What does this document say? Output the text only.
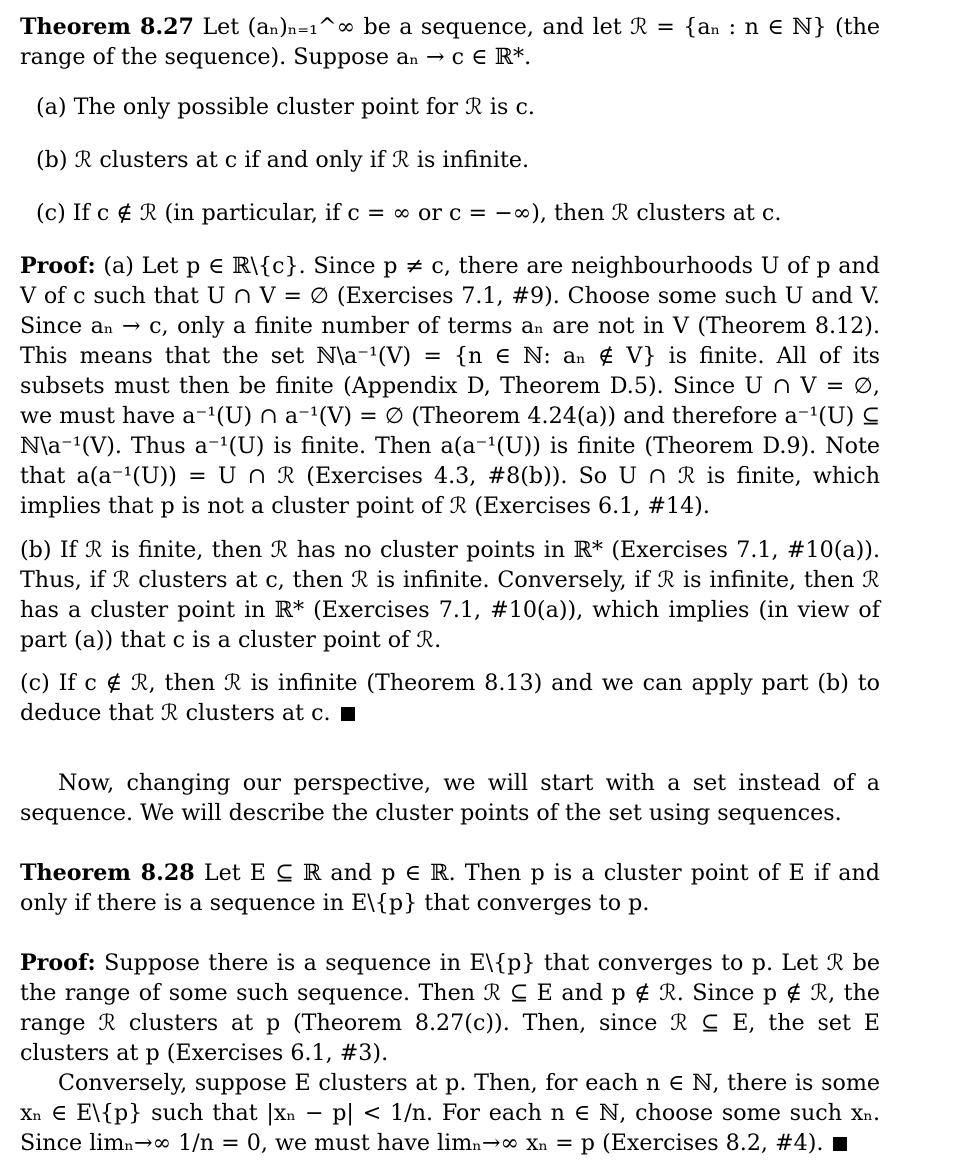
Theorem 8.27 Let (aₙ)ₙ₌₁^∞ be a sequence, and let ℛ = {aₙ : n ∈ ℕ} (the range of the sequence). Suppose aₙ → c ∈ ℝ*.

(a) The only possible cluster point for ℛ is c.

(b) ℛ clusters at c if and only if ℛ is infinite.

(c) If c ∉ ℛ (in particular, if c = ∞ or c = −∞), then ℛ clusters at c.

Proof: (a) Let p ∈ ℝ\{c}. Since p ≠ c, there are neighbourhoods U of p and V of c such that U ∩ V = ∅ (Exercises 7.1, #9). Choose some such U and V. Since aₙ → c, only a finite number of terms aₙ are not in V (Theorem 8.12). This means that the set ℕ\a⁻¹(V) = {n ∈ ℕ: aₙ ∉ V} is finite. All of its subsets must then be finite (Appendix D, Theorem D.5). Since U ∩ V = ∅, we must have a⁻¹(U) ∩ a⁻¹(V) = ∅ (Theorem 4.24(a)) and therefore a⁻¹(U) ⊆ ℕ\a⁻¹(V). Thus a⁻¹(U) is finite. Then a(a⁻¹(U)) is finite (Theorem D.9). Note that a(a⁻¹(U)) = U ∩ ℛ (Exercises 4.3, #8(b)). So U ∩ ℛ is finite, which implies that p is not a cluster point of ℛ (Exercises 6.1, #14).

(b) If ℛ is finite, then ℛ has no cluster points in ℝ* (Exercises 7.1, #10(a)). Thus, if ℛ clusters at c, then ℛ is infinite. Conversely, if ℛ is infinite, then ℛ has a cluster point in ℝ* (Exercises 7.1, #10(a)), which implies (in view of part (a)) that c is a cluster point of ℛ.

(c) If c ∉ ℛ, then ℛ is infinite (Theorem 8.13) and we can apply part (b) to deduce that ℛ clusters at c.

Now, changing our perspective, we will start with a set instead of a sequence. We will describe the cluster points of the set using sequences.

Theorem 8.28 Let E ⊆ ℝ and p ∈ ℝ. Then p is a cluster point of E if and only if there is a sequence in E\{p} that converges to p.

Proof: Suppose there is a sequence in E\{p} that converges to p. Let ℛ be the range of some such sequence. Then ℛ ⊆ E and p ∉ ℛ. Since p ∉ ℛ, the range ℛ clusters at p (Theorem 8.27(c)). Then, since ℛ ⊆ E, the set E clusters at p (Exercises 6.1, #3).

Conversely, suppose E clusters at p. Then, for each n ∈ ℕ, there is some xₙ ∈ E\{p} such that |xₙ − p| < 1/n. For each n ∈ ℕ, choose some such xₙ. Since limₙ→∞ 1/n = 0, we must have limₙ→∞ xₙ = p (Exercises 8.2, #4).
